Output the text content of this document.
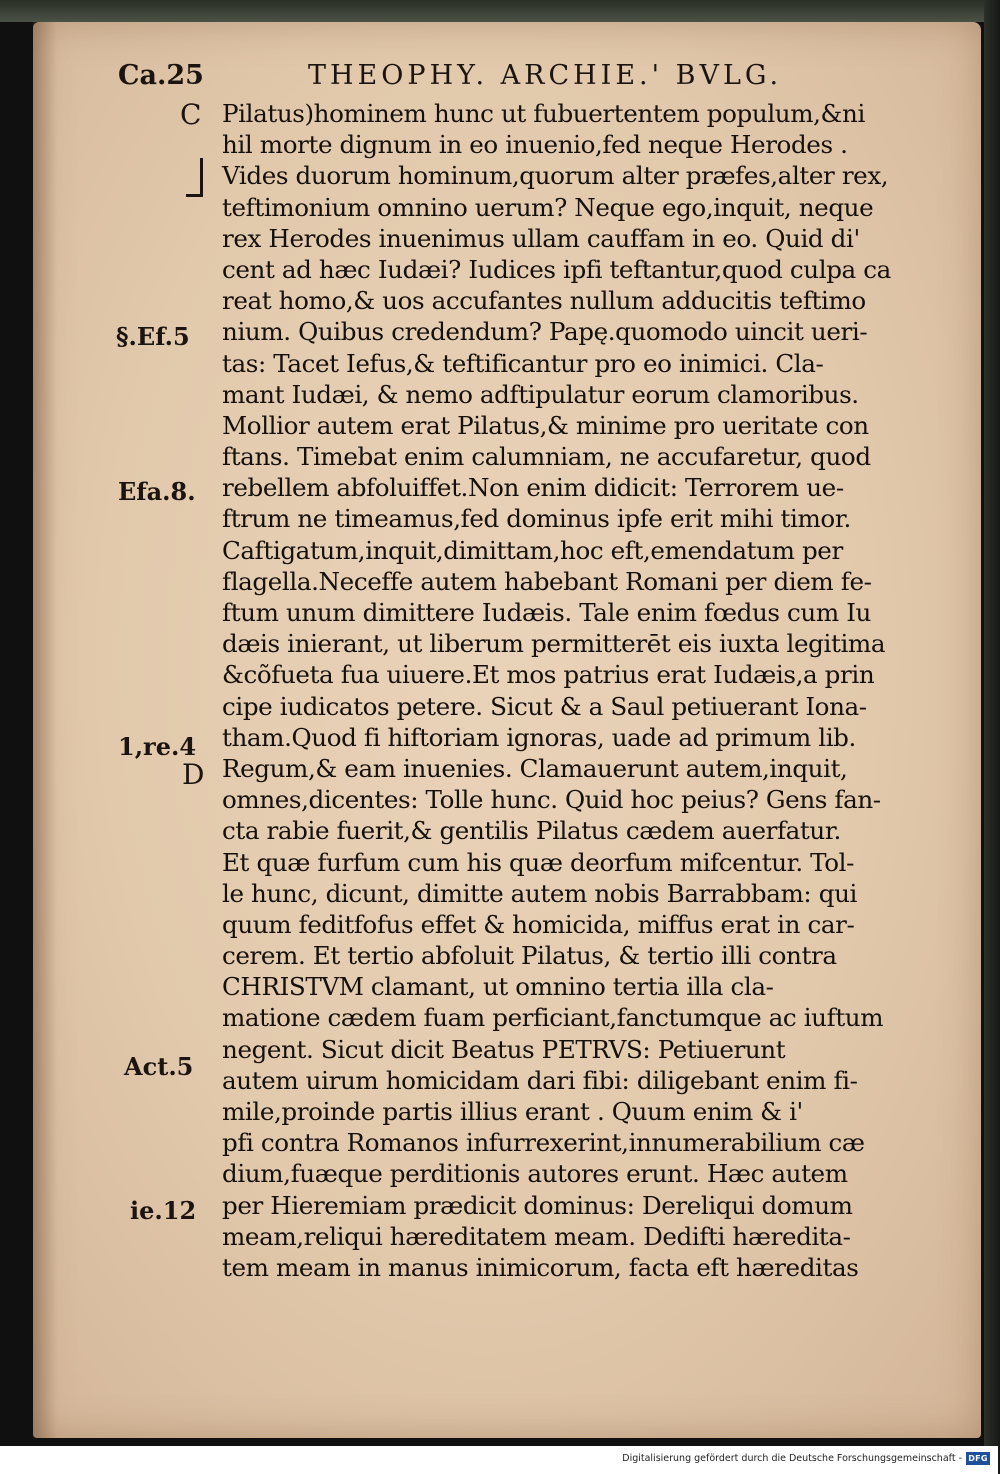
Ca.25	THEOPHY. ARCHIE.' BVLG.
C
§.Ef.5
Efa.8.
1,re.4
D
Act.5
ie.12
Pilatus)hominem hunc ut fubuertentem populum,&ni
hil morte dignum in eo inuenio,fed neque Herodes .
Vides duorum hominum,quorum alter præfes,alter rex,
teftimonium omnino uerum? Neque ego,inquit, neque
rex Herodes inuenimus ullam cauffam in eo. Quid di'
cent ad hæc Iudæi? Iudices ipfi teftantur,quod culpa ca
reat homo,& uos accufantes nullum adducitis teftimo
nium. Quibus credendum? Papę.quomodo uincit ueri-
tas: Tacet Iefus,& teftificantur pro eo inimici. Cla-
mant Iudæi, & nemo adftipulatur eorum clamoribus.
Mollior autem erat Pilatus,& minime pro ueritate con
ftans. Timebat enim calumniam, ne accufaretur, quod
rebellem abfoluiffet.Non enim didicit: Terrorem ue-
ftrum ne timeamus,fed dominus ipfe erit mihi timor.
Caftigatum,inquit,dimittam,hoc eft,emendatum per
flagella.Neceffe autem habebant Romani per diem fe-
ftum unum dimittere Iudæis. Tale enim fœdus cum Iu
dæis inierant, ut liberum permitterēt eis iuxta legitima
&cõfueta fua uiuere.Et mos patrius erat Iudæis,a prin
cipe iudicatos petere. Sicut & a Saul petiuerant Iona-
tham.Quod fi hiftoriam ignoras, uade ad primum lib.
Regum,& eam inuenies. Clamauerunt autem,inquit,
omnes,dicentes: Tolle hunc. Quid hoc peius? Gens fan-
cta rabie fuerit,& gentilis Pilatus cædem auerfatur.
Et quæ furfum cum his quæ deorfum mifcentur. Tol-
le hunc, dicunt, dimitte autem nobis Barrabbam: qui
quum feditfofus effet & homicida, miffus erat in car-
cerem. Et tertio abfoluit Pilatus, & tertio illi contra
CHRISTVM clamant, ut omnino tertia illa cla-
matione cædem fuam perficiant,fanctumque ac iuftum
negent. Sicut dicit Beatus PETRVS: Petiuerunt
autem uirum homicidam dari fibi: diligebant enim fi-
mile,proinde partis illius erant . Quum enim & i'
pfi contra Romanos infurrexerint,innumerabilium cæ
dium,fuæque perditionis autores erunt. Hæc autem
per Hieremiam prædicit dominus: Dereliqui domum
meam,reliqui hæreditatem meam. Dedifti hæredita-
tem meam in manus inimicorum, facta eft hæreditas
Digitalisierung gefördert durch die Deutsche Forschungsgemeinschaft - DFG
